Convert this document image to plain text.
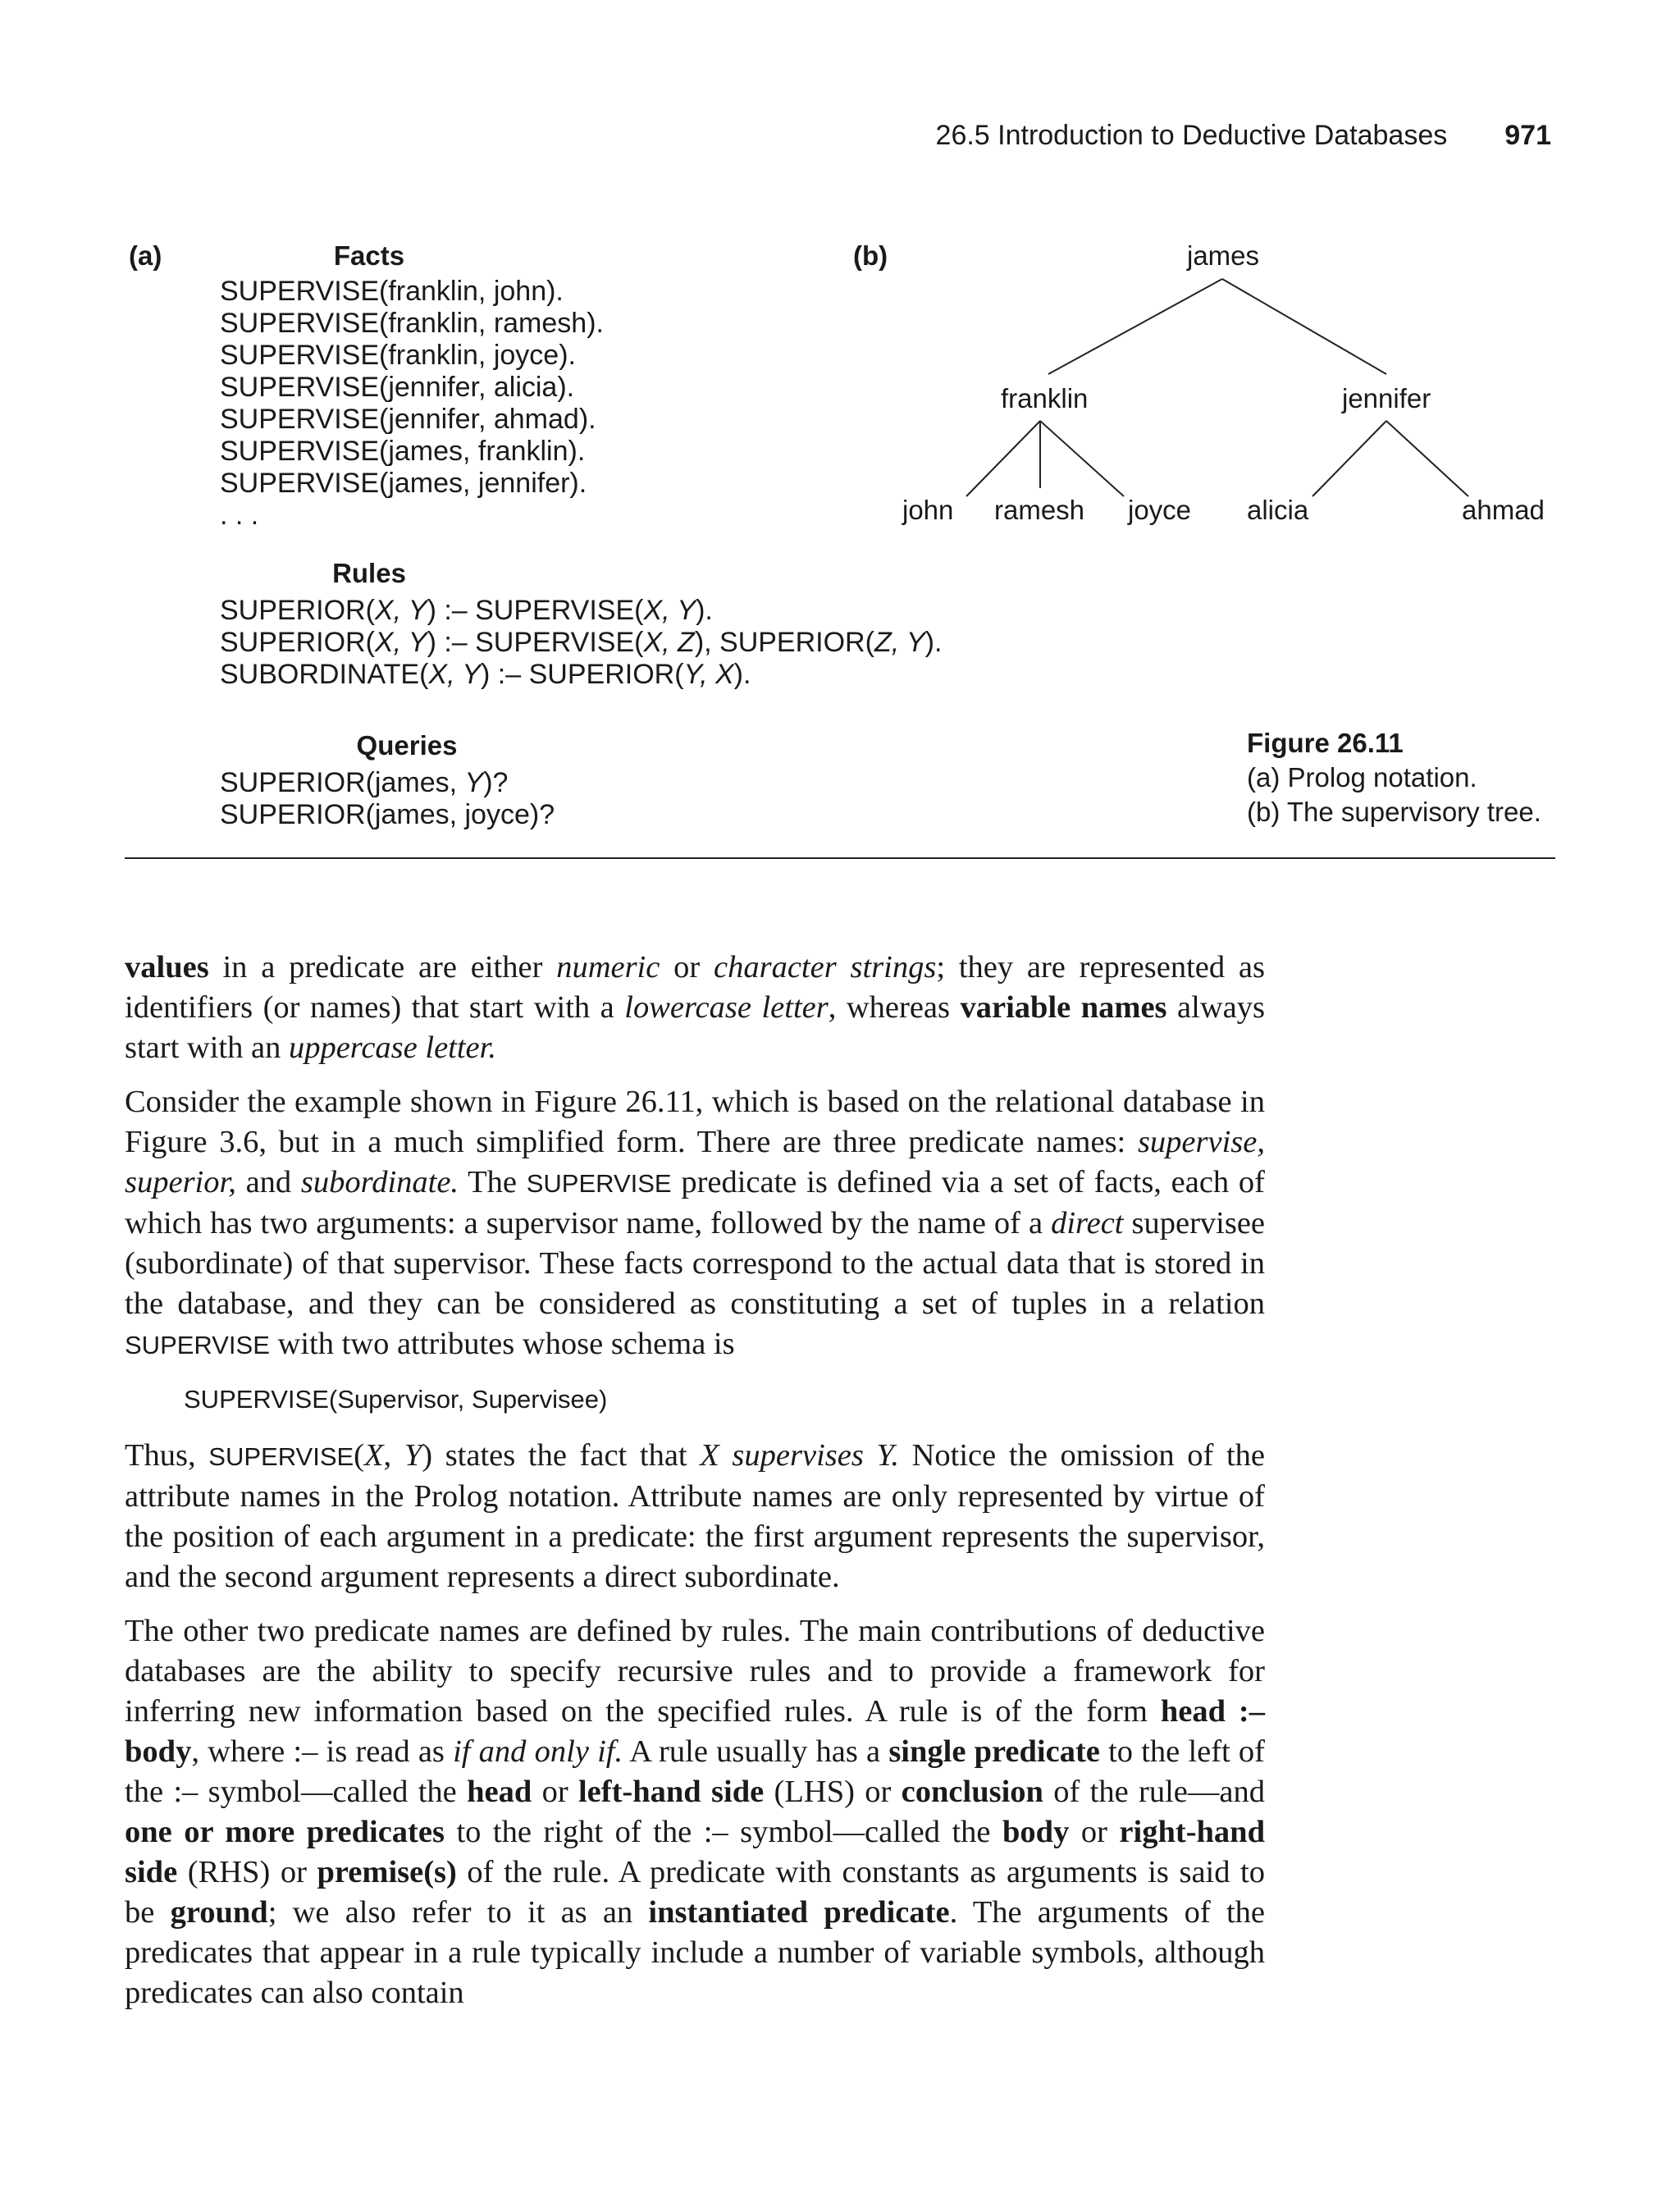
26.5 Introduction to Deductive Databases 971
(a)	Facts
SUPERVISE(franklin, john).
SUPERVISE(franklin, ramesh).
SUPERVISE(franklin, joyce).
SUPERVISE(jennifer, alicia).
SUPERVISE(jennifer, ahmad).
SUPERVISE(james, franklin).
SUPERVISE(james, jennifer).
. . .
Rules
SUPERIOR(X, Y) :– SUPERVISE(X, Y).
SUPERIOR(X, Y) :– SUPERVISE(X, Z), SUPERIOR(Z, Y).
SUBORDINATE(X, Y) :– SUPERIOR(Y, X).
Queries
SUPERIOR(james, Y)?
SUPERIOR(james, joyce)?
(b)	james
franklin	jennifer
john ramesh joyce alicia	ahmad
Figure 26.11
(a) Prolog notation.
(b) The supervisory tree.

values in a predicate are either numeric or character strings; they are represented as identifiers (or names) that start with a lowercase letter, whereas variable names always start with an uppercase letter.

Consider the example shown in Figure 26.11, which is based on the relational database in Figure 3.6, but in a much simplified form. There are three predicate names: supervise, superior, and subordinate. The SUPERVISE predicate is defined via a set of facts, each of which has two arguments: a supervisor name, followed by the name of a direct supervisee (subordinate) of that supervisor. These facts correspond to the actual data that is stored in the database, and they can be considered as constituting a set of tuples in a relation SUPERVISE with two attributes whose schema is

SUPERVISE(Supervisor, Supervisee)

Thus, SUPERVISE(X, Y) states the fact that X supervises Y. Notice the omission of the attribute names in the Prolog notation. Attribute names are only represented by virtue of the position of each argument in a predicate: the first argument represents the supervisor, and the second argument represents a direct subordinate.

The other two predicate names are defined by rules. The main contributions of deductive databases are the ability to specify recursive rules and to provide a framework for inferring new information based on the specified rules. A rule is of the form head :– body, where :– is read as if and only if. A rule usually has a single predicate to the left of the :– symbol—called the head or left-hand side (LHS) or conclusion of the rule—and one or more predicates to the right of the :– symbol—called the body or right-hand side (RHS) or premise(s) of the rule. A predicate with constants as arguments is said to be ground; we also refer to it as an instantiated predicate. The arguments of the predicates that appear in a rule typically include a number of variable symbols, although predicates can also contain
